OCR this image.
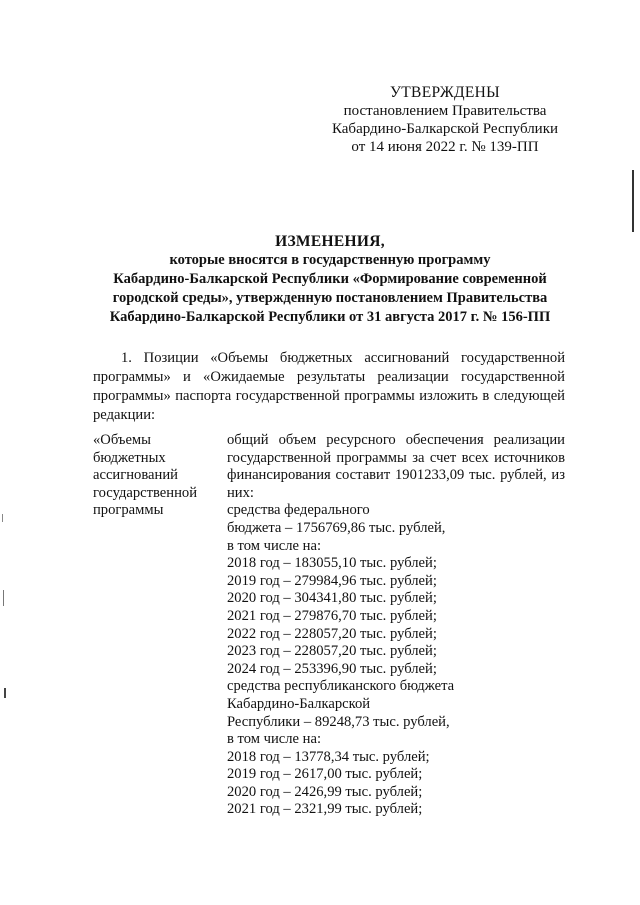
УТВЕРЖДЕНЫ
постановлением Правительства
Кабардино-Балкарской Республики
от 14 июня 2022 г. № 139-ПП
ИЗМЕНЕНИЯ,
которые вносятся в государственную программу
Кабардино-Балкарской Республики «Формирование современной
городской среды», утвержденную постановлением Правительства
Кабардино-Балкарской Республики от 31 августа 2017 г. № 156-ПП
1. Позиции «Объемы бюджетных ассигнований государственной программы» и «Ожидаемые результаты реализации государственной программы» паспорта государственной программы изложить в следующей редакции:
«Объемы
бюджетных
ассигнований
государственной
программы
общий объем ресурсного обеспечения реализации государственной программы за счет всех источников финансирования составит 1901233,09 тыс. рублей, из них:
средства федерального
бюджета – 1756769,86 тыс. рублей,
в том числе на:
2018 год – 183055,10 тыс. рублей;
2019 год – 279984,96 тыс. рублей;
2020 год – 304341,80 тыс. рублей;
2021 год – 279876,70 тыс. рублей;
2022 год – 228057,20 тыс. рублей;
2023 год – 228057,20 тыс. рублей;
2024 год – 253396,90 тыс. рублей;
средства республиканского бюджета
Кабардино-Балкарской
Республики – 89248,73 тыс. рублей,
в том числе на:
2018 год – 13778,34 тыс. рублей;
2019 год – 2617,00 тыс. рублей;
2020 год – 2426,99 тыс. рублей;
2021 год – 2321,99 тыс. рублей;
